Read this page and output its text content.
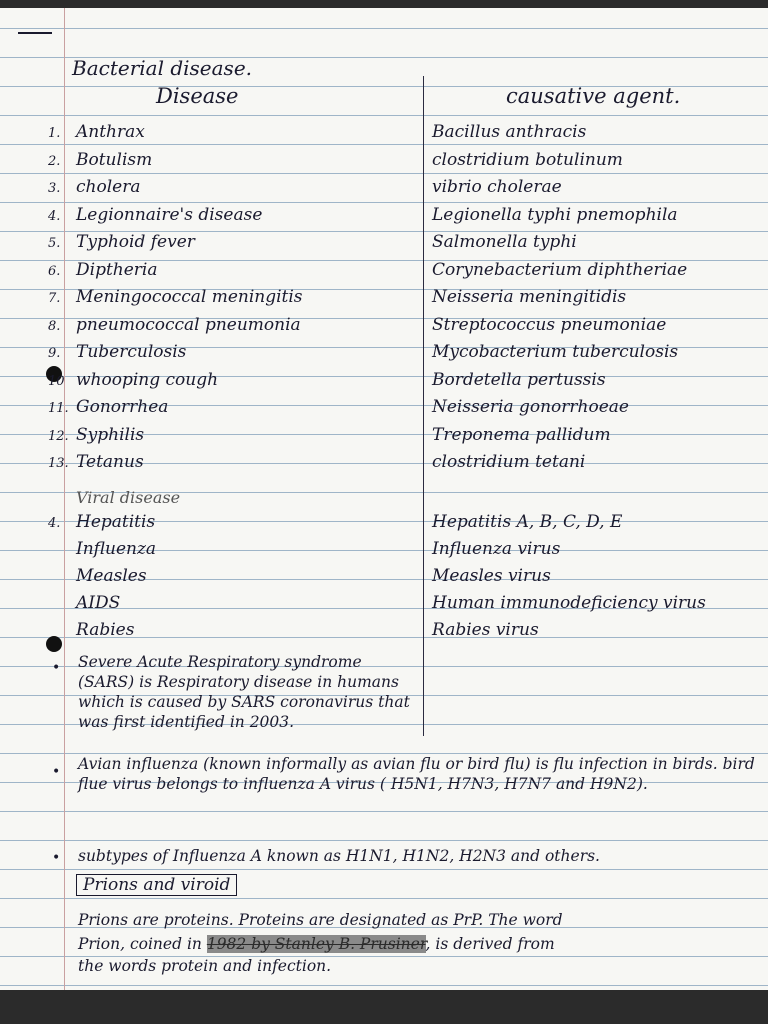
Bacterial disease.
Disease	causative agent.
1. Anthrax	Bacillus anthracis
2. Botulism	clostridium botulinum
3. cholera	vibrio cholerae
4. Legionnaire's disease	Legionella typhi pnemophila
5. Typhoid fever	Salmonella typhi
6. Diptheria	Corynebacterium diphtheriae
7. Meningococcal meningitis	Neisseria meningitidis
8. pneumococcal pneumonia	Streptococcus pneumoniae
9. Tuberculosis	Mycobacterium tuberculosis
10 whooping cough	Bordetella pertussis
11. Gonorrhea	Neisseria gonorrhoeae
12. Syphilis	Treponema pallidum
13. Tetanus	clostridium tetani
Viral disease
4. Hepatitis	Hepatitis A, B, C, D, E
Influenza	Influenza virus
Measles	Measles virus
AIDS	Human immunodeficiency virus
Rabies	Rabies virus
• Severe Acute Respiratory syndrome (SARS) is Respiratory disease in humans which is caused by SARS coronavirus that was first identified in 2003.
• Avian influenza (known informally as avian flu or bird flu) is flu infection in birds. bird flue virus belongs to influenza A virus ( H5N1, H7N3, H7N7 and H9N2).
• subtypes of Influenza A known as H1N1, H1N2, H2N3 and others.
Prions and viroid
Prions are proteins. Proteins are designated as PrP. The word
Prion, coined in 1982 by Stanley B. Prusiner, is derived from
the words protein and infection.
